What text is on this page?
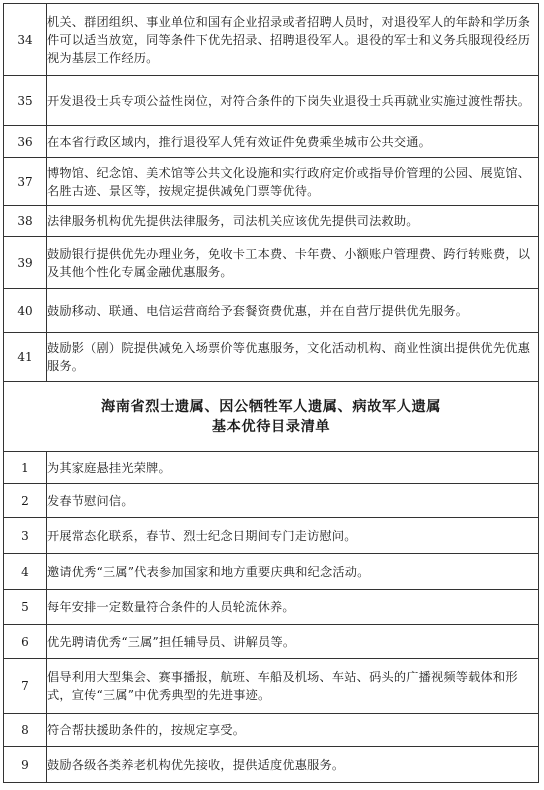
34	机关、群团组织、事业单位和国有企业招录或者招聘人员时，对退役军人的年龄和学历条件可以适当放宽，同等条件下优先招录、招聘退役军人。退役的军士和义务兵服现役经历视为基层工作经历。
35	开发退役士兵专项公益性岗位，对符合条件的下岗失业退役士兵再就业实施过渡性帮扶。
36	在本省行政区域内，推行退役军人凭有效证件免费乘坐城市公共交通。
37	博物馆、纪念馆、美术馆等公共文化设施和实行政府定价或指导价管理的公园、展览馆、名胜古迹、景区等，按规定提供减免门票等优待。
38	法律服务机构优先提供法律服务，司法机关应该优先提供司法救助。
39	鼓励银行提供优先办理业务，免收卡工本费、卡年费、小额账户管理费、跨行转账费，以及其他个性化专属金融优惠服务。
40	鼓励移动、联通、电信运营商给予套餐资费优惠，并在自营厅提供优先服务。
41	鼓励影（剧）院提供减免入场票价等优惠服务，文化活动机构、商业性演出提供优先优惠服务。

海南省烈士遗属、因公牺牲军人遗属、病故军人遗属
基本优待目录清单	

1	为其家庭悬挂光荣牌。
2	发春节慰问信。
3	开展常态化联系，春节、烈士纪念日期间专门走访慰问。
4	邀请优秀“三属”代表参加国家和地方重要庆典和纪念活动。
5	每年安排一定数量符合条件的人员轮流休养。
6	优先聘请优秀“三属”担任辅导员、讲解员等。
7	倡导利用大型集会、赛事播报，航班、车船及机场、车站、码头的广播视频等载体和形式，宣传“三属”中优秀典型的先进事迹。
8	符合帮扶援助条件的，按规定享受。
9	鼓励各级各类养老机构优先接收，提供适度优惠服务。
